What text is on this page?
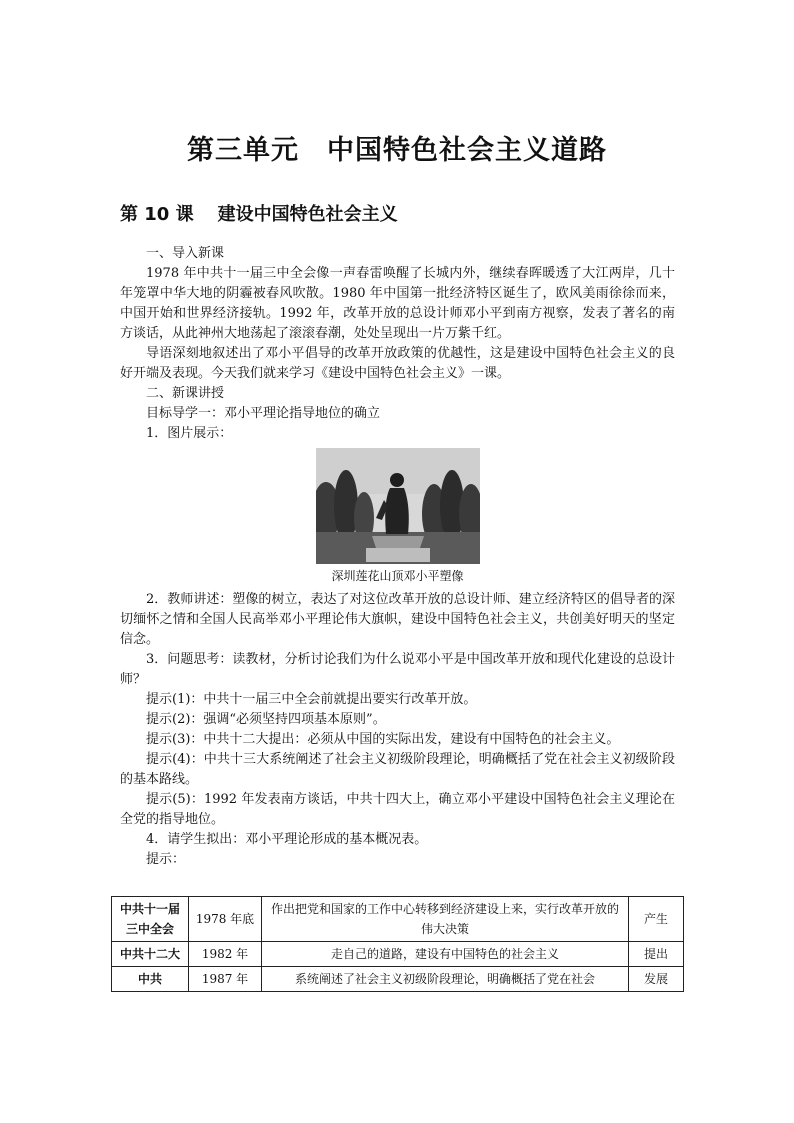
第三单元　中国特色社会主义道路
第 10 课 建设中国特色社会主义

一、导入新课

1978 年中共十一届三中全会像一声春雷唤醒了长城内外，继续春晖暖透了大江两岸，几十年笼罩中华大地的阴霾被春风吹散。1980 年中国第一批经济特区诞生了，欧风美雨徐徐而来，中国开始和世界经济接轨。1992 年，改革开放的总设计师邓小平到南方视察，发表了著名的南方谈话，从此神州大地荡起了滚滚春潮，处处呈现出一片万紫千红。

导语深刻地叙述出了邓小平倡导的改革开放政策的优越性，这是建设中国特色社会主义的良好开端及表现。今天我们就来学习《建设中国特色社会主义》一课。

二、新课讲授

目标导学一：邓小平理论指导地位的确立

1．图片展示：

深圳莲花山顶邓小平塑像

2．教师讲述：塑像的树立，表达了对这位改革开放的总设计师、建立经济特区的倡导者的深切缅怀之情和全国人民高举邓小平理论伟大旗帜，建设中国特色社会主义，共创美好明天的坚定信念。

3．问题思考：读教材，分析讨论我们为什么说邓小平是中国改革开放和现代化建设的总设计师？

提示(1)：中共十一届三中全会前就提出要实行改革开放。

提示(2)：强调“必须坚持四项基本原则”。

提示(3)：中共十二大提出：必须从中国的实际出发，建设有中国特色的社会主义。

提示(4)：中共十三大系统阐述了社会主义初级阶段理论，明确概括了党在社会主义初级阶段的基本路线。

提示(5)：1992 年发表南方谈话，中共十四大上，确立邓小平建设中国特色社会主义理论在全党的指导地位。

4．请学生拟出：邓小平理论形成的基本概况表。

提示：

中共十一届三中全会	1978 年底	作出把党和国家的工作中心转移到经济建设上来，实行改革开放的伟大决策	产生
中共十二大	1982 年	走自己的道路，建设有中国特色的社会主义	提出
中共	1987 年	系统阐述了社会主义初级阶段理论，明确概括了党在社会	发展
